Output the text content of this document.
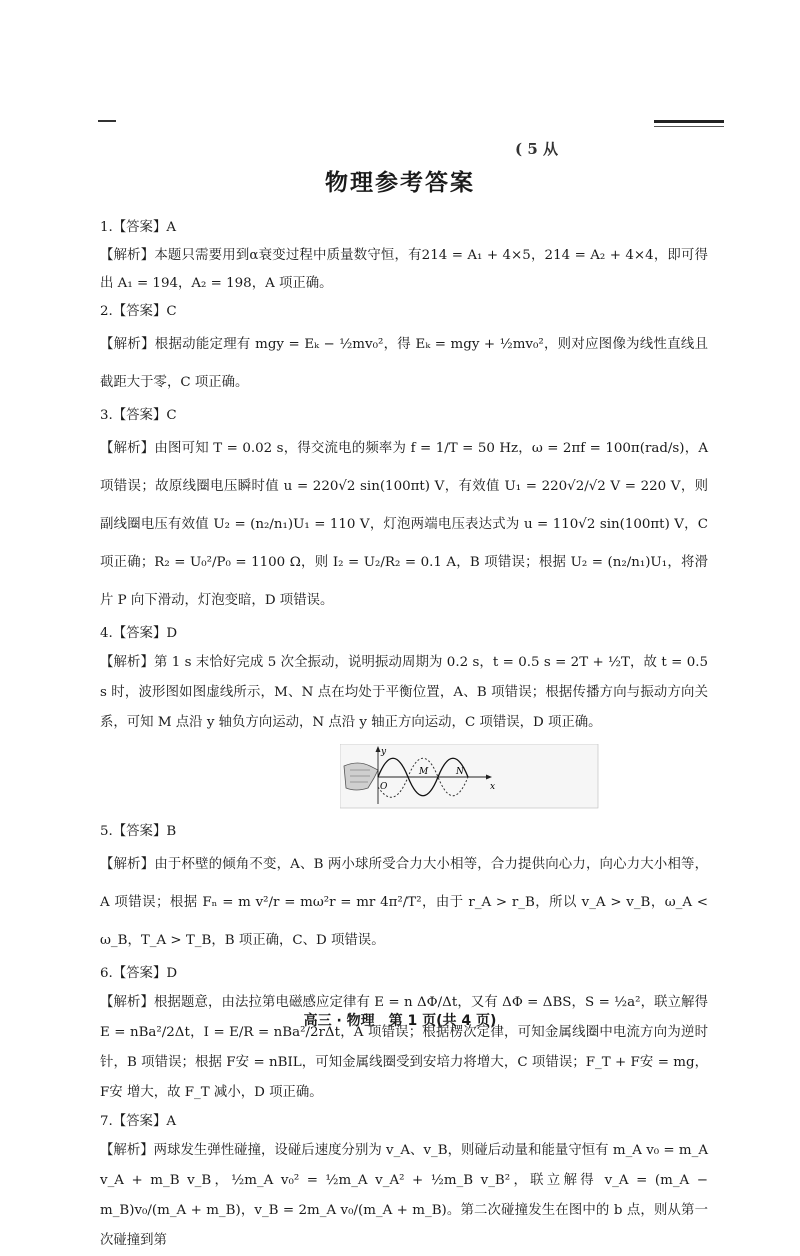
( 5 从
物理参考答案
1.【答案】A

【解析】本题只需要用到α衰变过程中质量数守恒，有214 = A₁ + 4×5，214 = A₂ + 4×4，即可得出 A₁ = 194，A₂ = 198，A 项正确。

2.【答案】C

【解析】根据动能定理有 mgy = Eₖ − ½mv₀²，得 Eₖ = mgy + ½mv₀²，则对应图像为线性直线且截距大于零，C 项正确。

3.【答案】C

【解析】由图可知 T = 0.02 s，得交流电的频率为 f = 1/T = 50 Hz，ω = 2πf = 100π(rad/s)，A 项错误；故原线圈电压瞬时值 u = 220√2 sin(100πt) V，有效值 U₁ = 220√2/√2 V = 220 V，则副线圈电压有效值 U₂ = (n₂/n₁)U₁ = 110 V，灯泡两端电压表达式为 u = 110√2 sin(100πt) V，C 项正确；R₂ = U₀²/P₀ = 1100 Ω，则 I₂ = U₂/R₂ = 0.1 A，B 项错误；根据 U₂ = (n₂/n₁)U₁，将滑片 P 向下滑动，灯泡变暗，D 项错误。

4.【答案】D

【解析】第 1 s 末恰好完成 5 次全振动，说明振动周期为 0.2 s，t = 0.5 s = 2T + ½T，故 t = 0.5 s 时，波形图如图虚线所示，M、N 点在均处于平衡位置，A、B 项错误；根据传播方向与振动方向关系，可知 M 点沿 y 轴负方向运动，N 点沿 y 轴正方向运动，C 项错误，D 项正确。

y
x
O
M	N
5.【答案】B

【解析】由于杯壁的倾角不变，A、B 两小球所受合力大小相等，合力提供向心力，向心力大小相等，A 项错误；根据 Fₙ = m v²/r = mω²r = mr 4π²/T²，由于 r_A > r_B，所以 v_A > v_B，ω_A < ω_B，T_A > T_B，B 项正确，C、D 项错误。

6.【答案】D

【解析】根据题意，由法拉第电磁感应定律有 E = n ΔΦ/Δt，又有 ΔΦ = ΔBS，S = ½a²，联立解得 E = nBa²/2Δt，I = E/R = nBa²/2rΔt，A 项错误；根据楞次定律，可知金属线圈中电流方向为逆时针，B 项错误；根据 F安 = nBIL，可知金属线圈受到安培力将增大，C 项错误；F_T + F安 = mg，F安 增大，故 F_T 减小，D 项正确。

7.【答案】A

【解析】两球发生弹性碰撞，设碰后速度分别为 v_A、v_B，则碰后动量和能量守恒有 m_A v₀ = m_A v_A + m_B v_B，½m_A v₀² = ½m_A v_A² + ½m_B v_B²，联立解得 v_A = (m_A − m_B)v₀/(m_A + m_B)，v_B = 2m_A v₀/(m_A + m_B)。第二次碰撞发生在图中的 b 点，则从第一次碰撞到第

高三 · 物理　第 1 页(共 4 页)
